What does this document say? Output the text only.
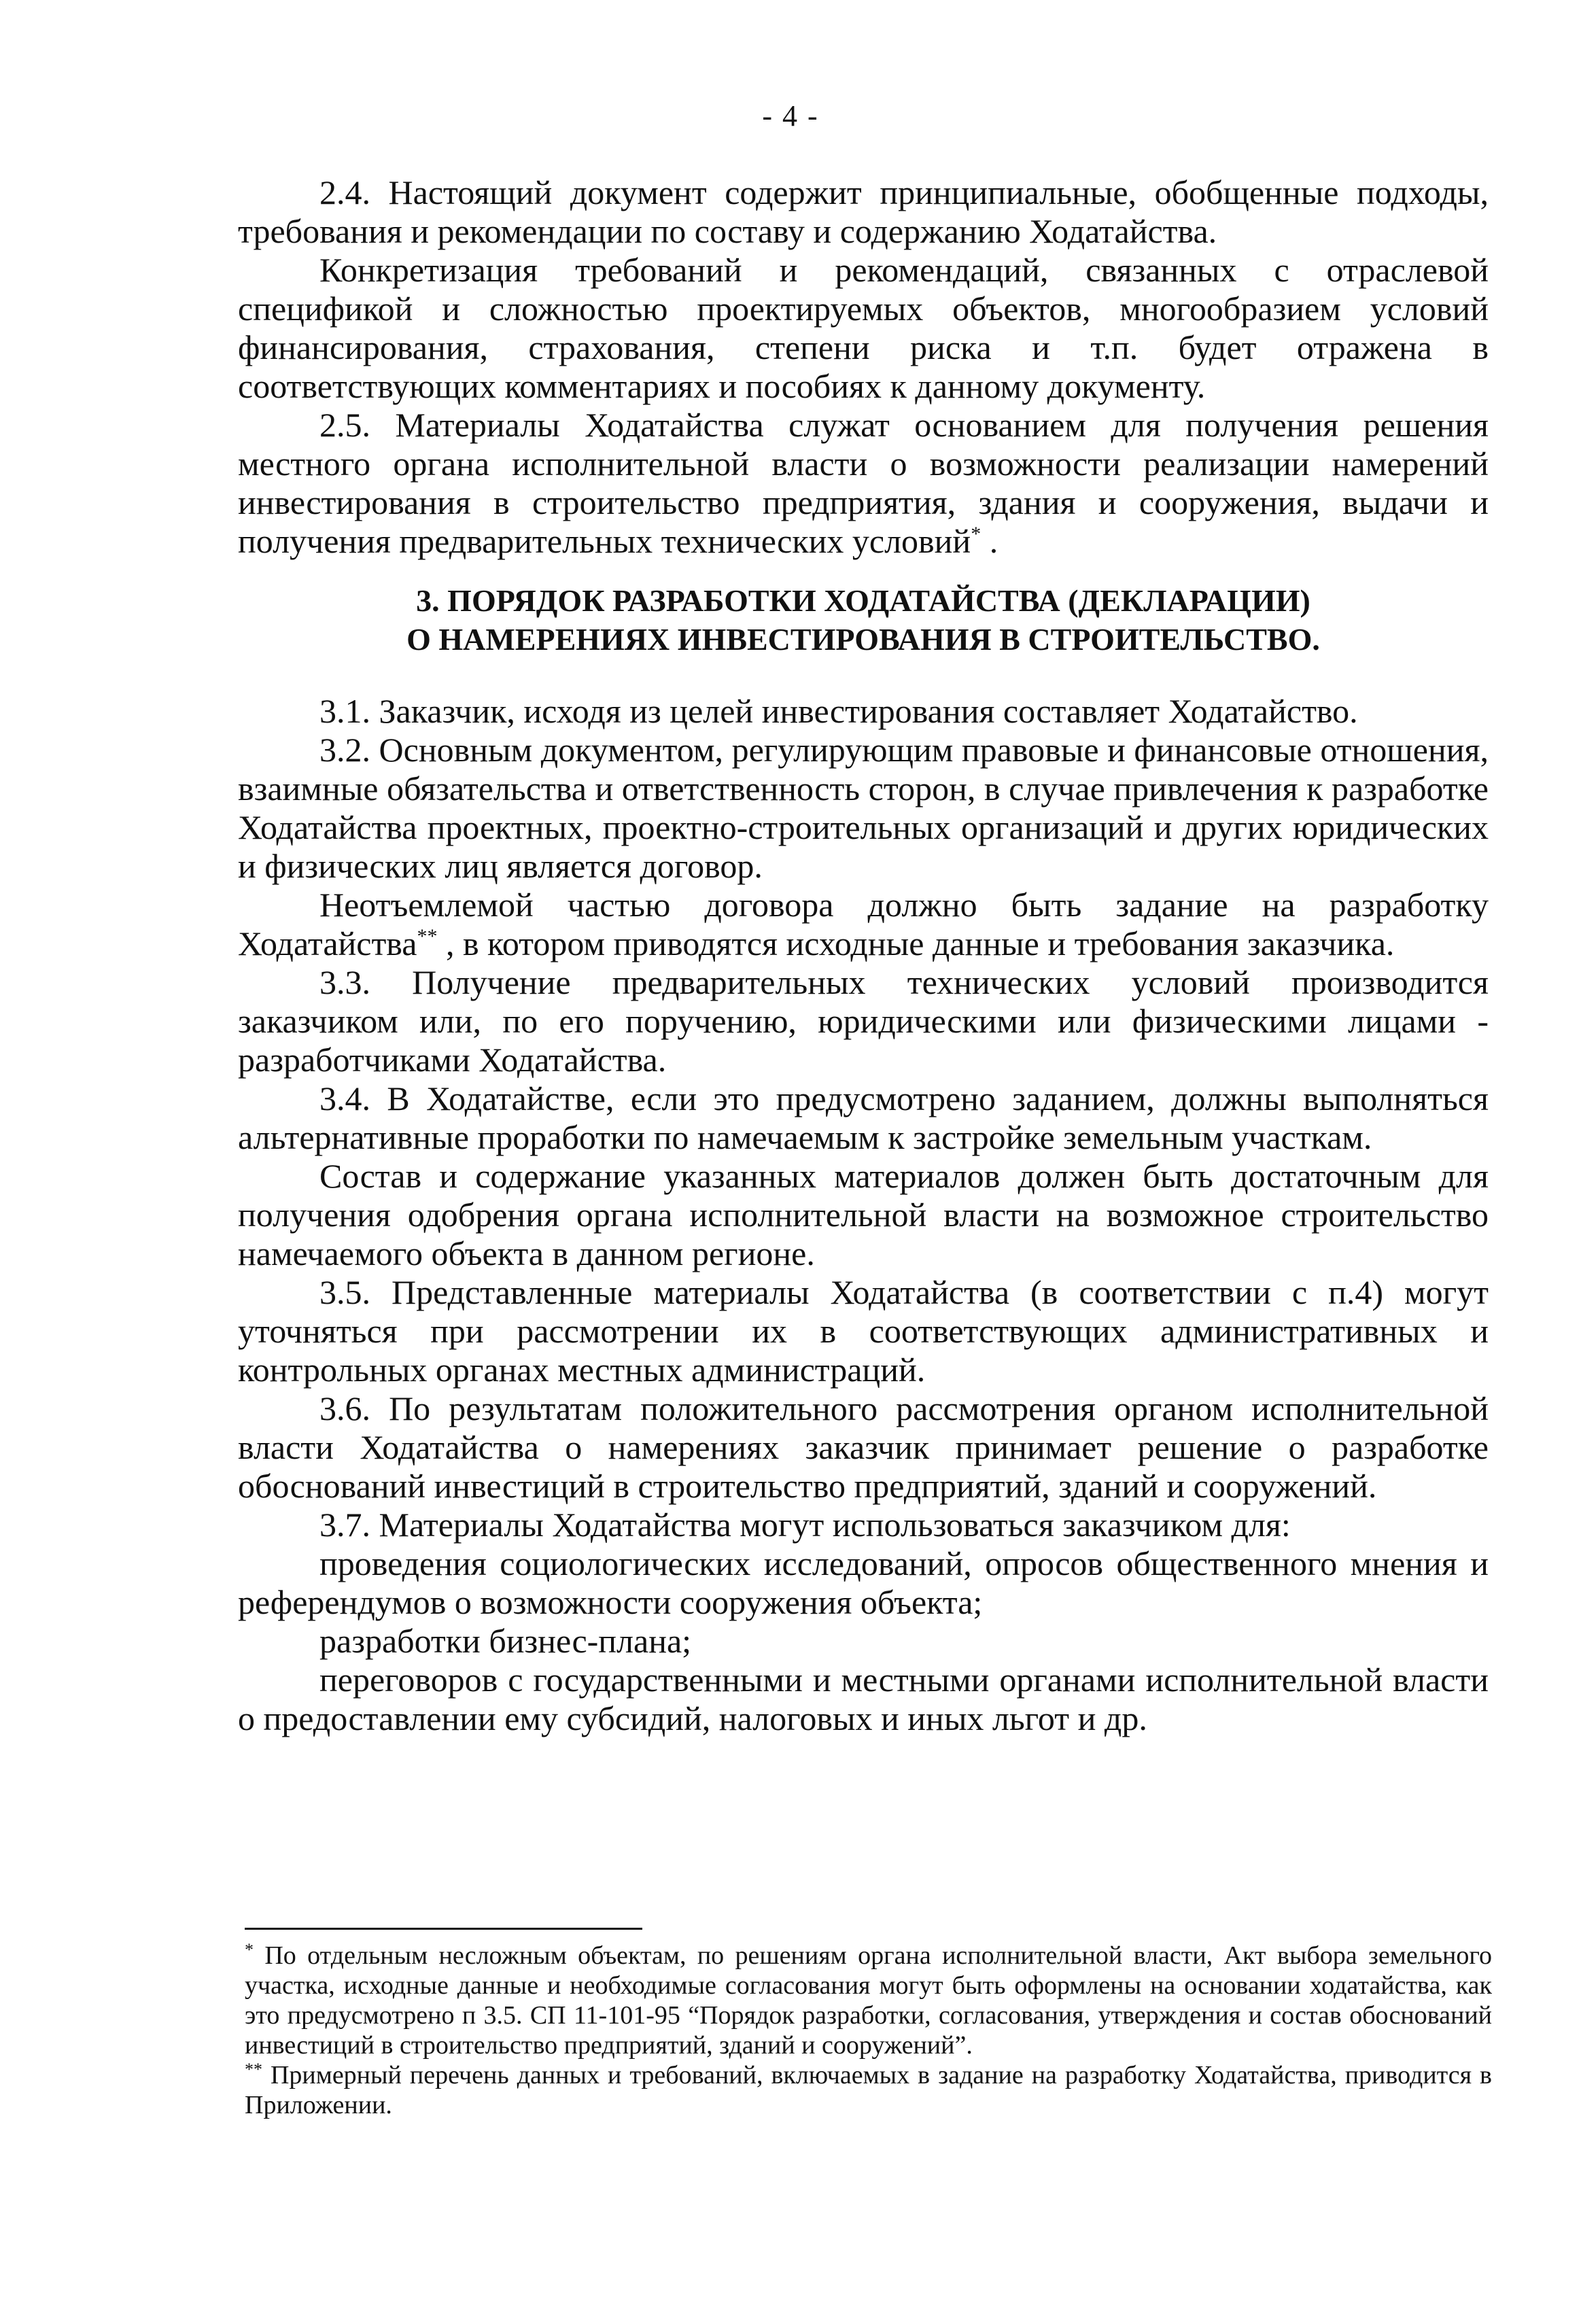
- 4 -

2.4. Настоящий документ содержит принципиальные, обобщенные подходы, требования и рекомендации по составу и содержанию Ходатайства.

Конкретизация требований и рекомендаций, связанных с отраслевой спецификой и сложностью проектируемых объектов, многообразием условий финансирования, страхования, степени риска и т.п. будет отражена в соответствующих комментариях и пособиях к данному документу.

2.5. Материалы Ходатайства служат основанием для получения решения местного органа исполнительной власти о возможности реализации намерений инвестирования в строительство предприятия, здания и сооружения, выдачи и получения предварительных технических условий* .

3. ПОРЯДОК РАЗРАБОТКИ ХОДАТАЙСТВА (ДЕКЛАРАЦИИ)
О НАМЕРЕНИЯХ ИНВЕСТИРОВАНИЯ В СТРОИТЕЛЬСТВО.

3.1. Заказчик, исходя из целей инвестирования составляет Ходатайство.

3.2. Основным документом, регулирующим правовые и финансовые отношения, взаимные обязательства и ответственность сторон, в случае привлечения к разработке Ходатайства проектных, проектно-строительных организаций и других юридических и физических лиц является договор.

Неотъемлемой частью договора должно быть задание на разработку Ходатайства** , в котором приводятся исходные данные и требования заказчика.

3.3. Получение предварительных технических условий производится заказчиком или, по его поручению, юридическими или физическими лицами - разработчиками Ходатайства.

3.4. В Ходатайстве, если это предусмотрено заданием, должны выполняться альтернативные проработки по намечаемым к застройке земельным участкам.

Состав и содержание указанных материалов должен быть достаточным для получения одобрения органа исполнительной власти на возможное строительство намечаемого объекта в данном регионе.

3.5. Представленные материалы Ходатайства (в соответствии с п.4) могут уточняться при рассмотрении их в соответствующих административных и контрольных органах местных администраций.

3.6. По результатам положительного рассмотрения органом исполнительной власти Ходатайства о намерениях заказчик принимает решение о разработке обоснований инвестиций в строительство предприятий, зданий и сооружений.

3.7. Материалы Ходатайства могут использоваться заказчиком для:

проведения социологических исследований, опросов общественного мнения и референдумов о возможности сооружения объекта;

разработки бизнес-плана;

переговоров с государственными и местными органами исполнительной власти о предоставлении ему субсидий, налоговых и иных льгот и др.

* По отдельным несложным объектам, по решениям органа исполнительной власти, Акт выбора земельного участка, исходные данные и необходимые согласования могут быть оформлены на основании ходатайства, как это предусмотрено п 3.5. СП 11-101-95 “Порядок разработки, согласования, утверждения и состав обоснований инвестиций в строительство предприятий, зданий и сооружений”.

** Примерный перечень данных и требований, включаемых в задание на разработку Ходатайства, приводится в Приложении.
